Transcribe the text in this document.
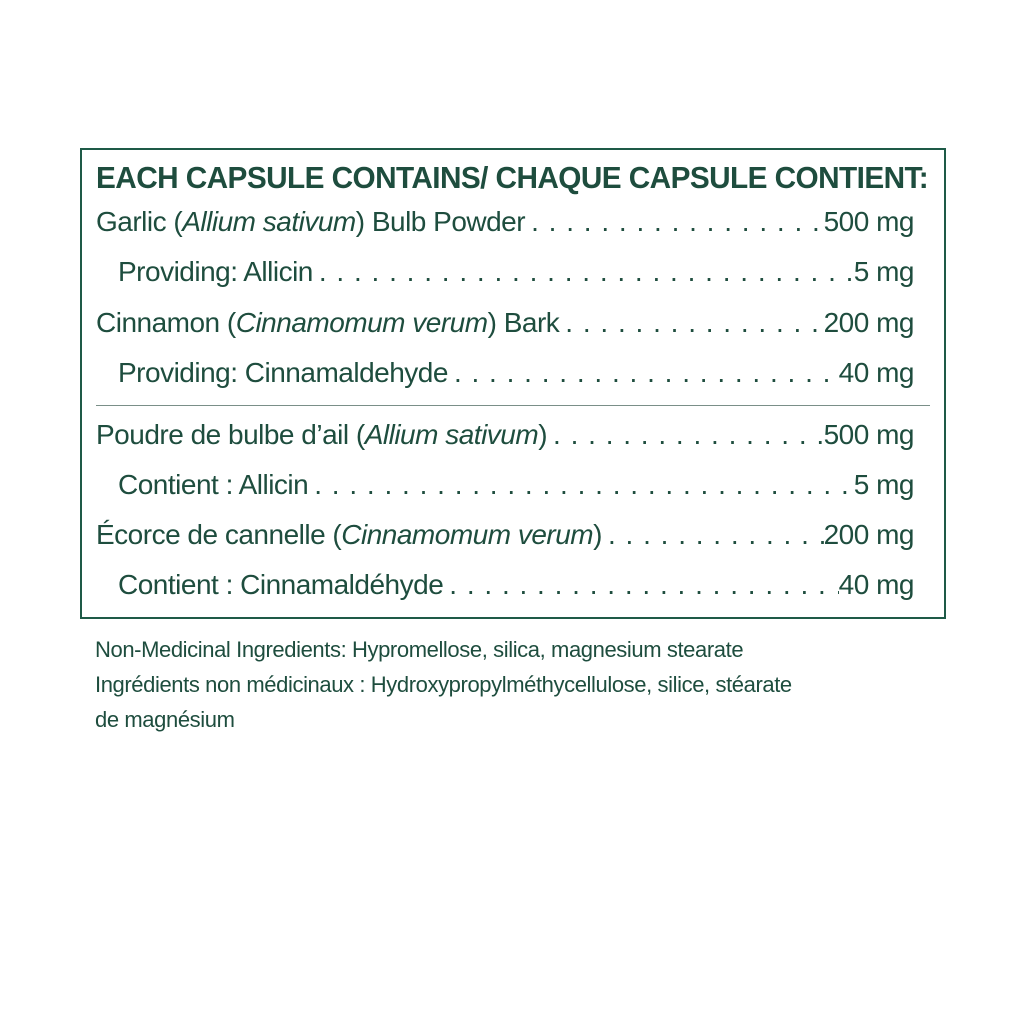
EACH CAPSULE CONTAINS/ CHAQUE CAPSULE CONTIENT:
Garlic (Allium sativum) Bulb Powder . . .	500 mg
Providing: Allicin . . .	5 mg
Cinnamon (Cinnamomum verum) Bark . . .	200 mg
Providing: Cinnamaldehyde . . .	40 mg
Poudre de bulbe d’ail (Allium sativum) . . .	500 mg
Contient : Allicin . . .	5 mg
Écorce de cannelle (Cinnamomum verum) . . .	200 mg
Contient : Cinnamaldéhyde . . .	40 mg
Non-Medicinal Ingredients: Hypromellose, silica, magnesium stearate
Ingrédients non médicinaux : Hydroxypropylméthycellulose, silice, stéarate
de magnésium
